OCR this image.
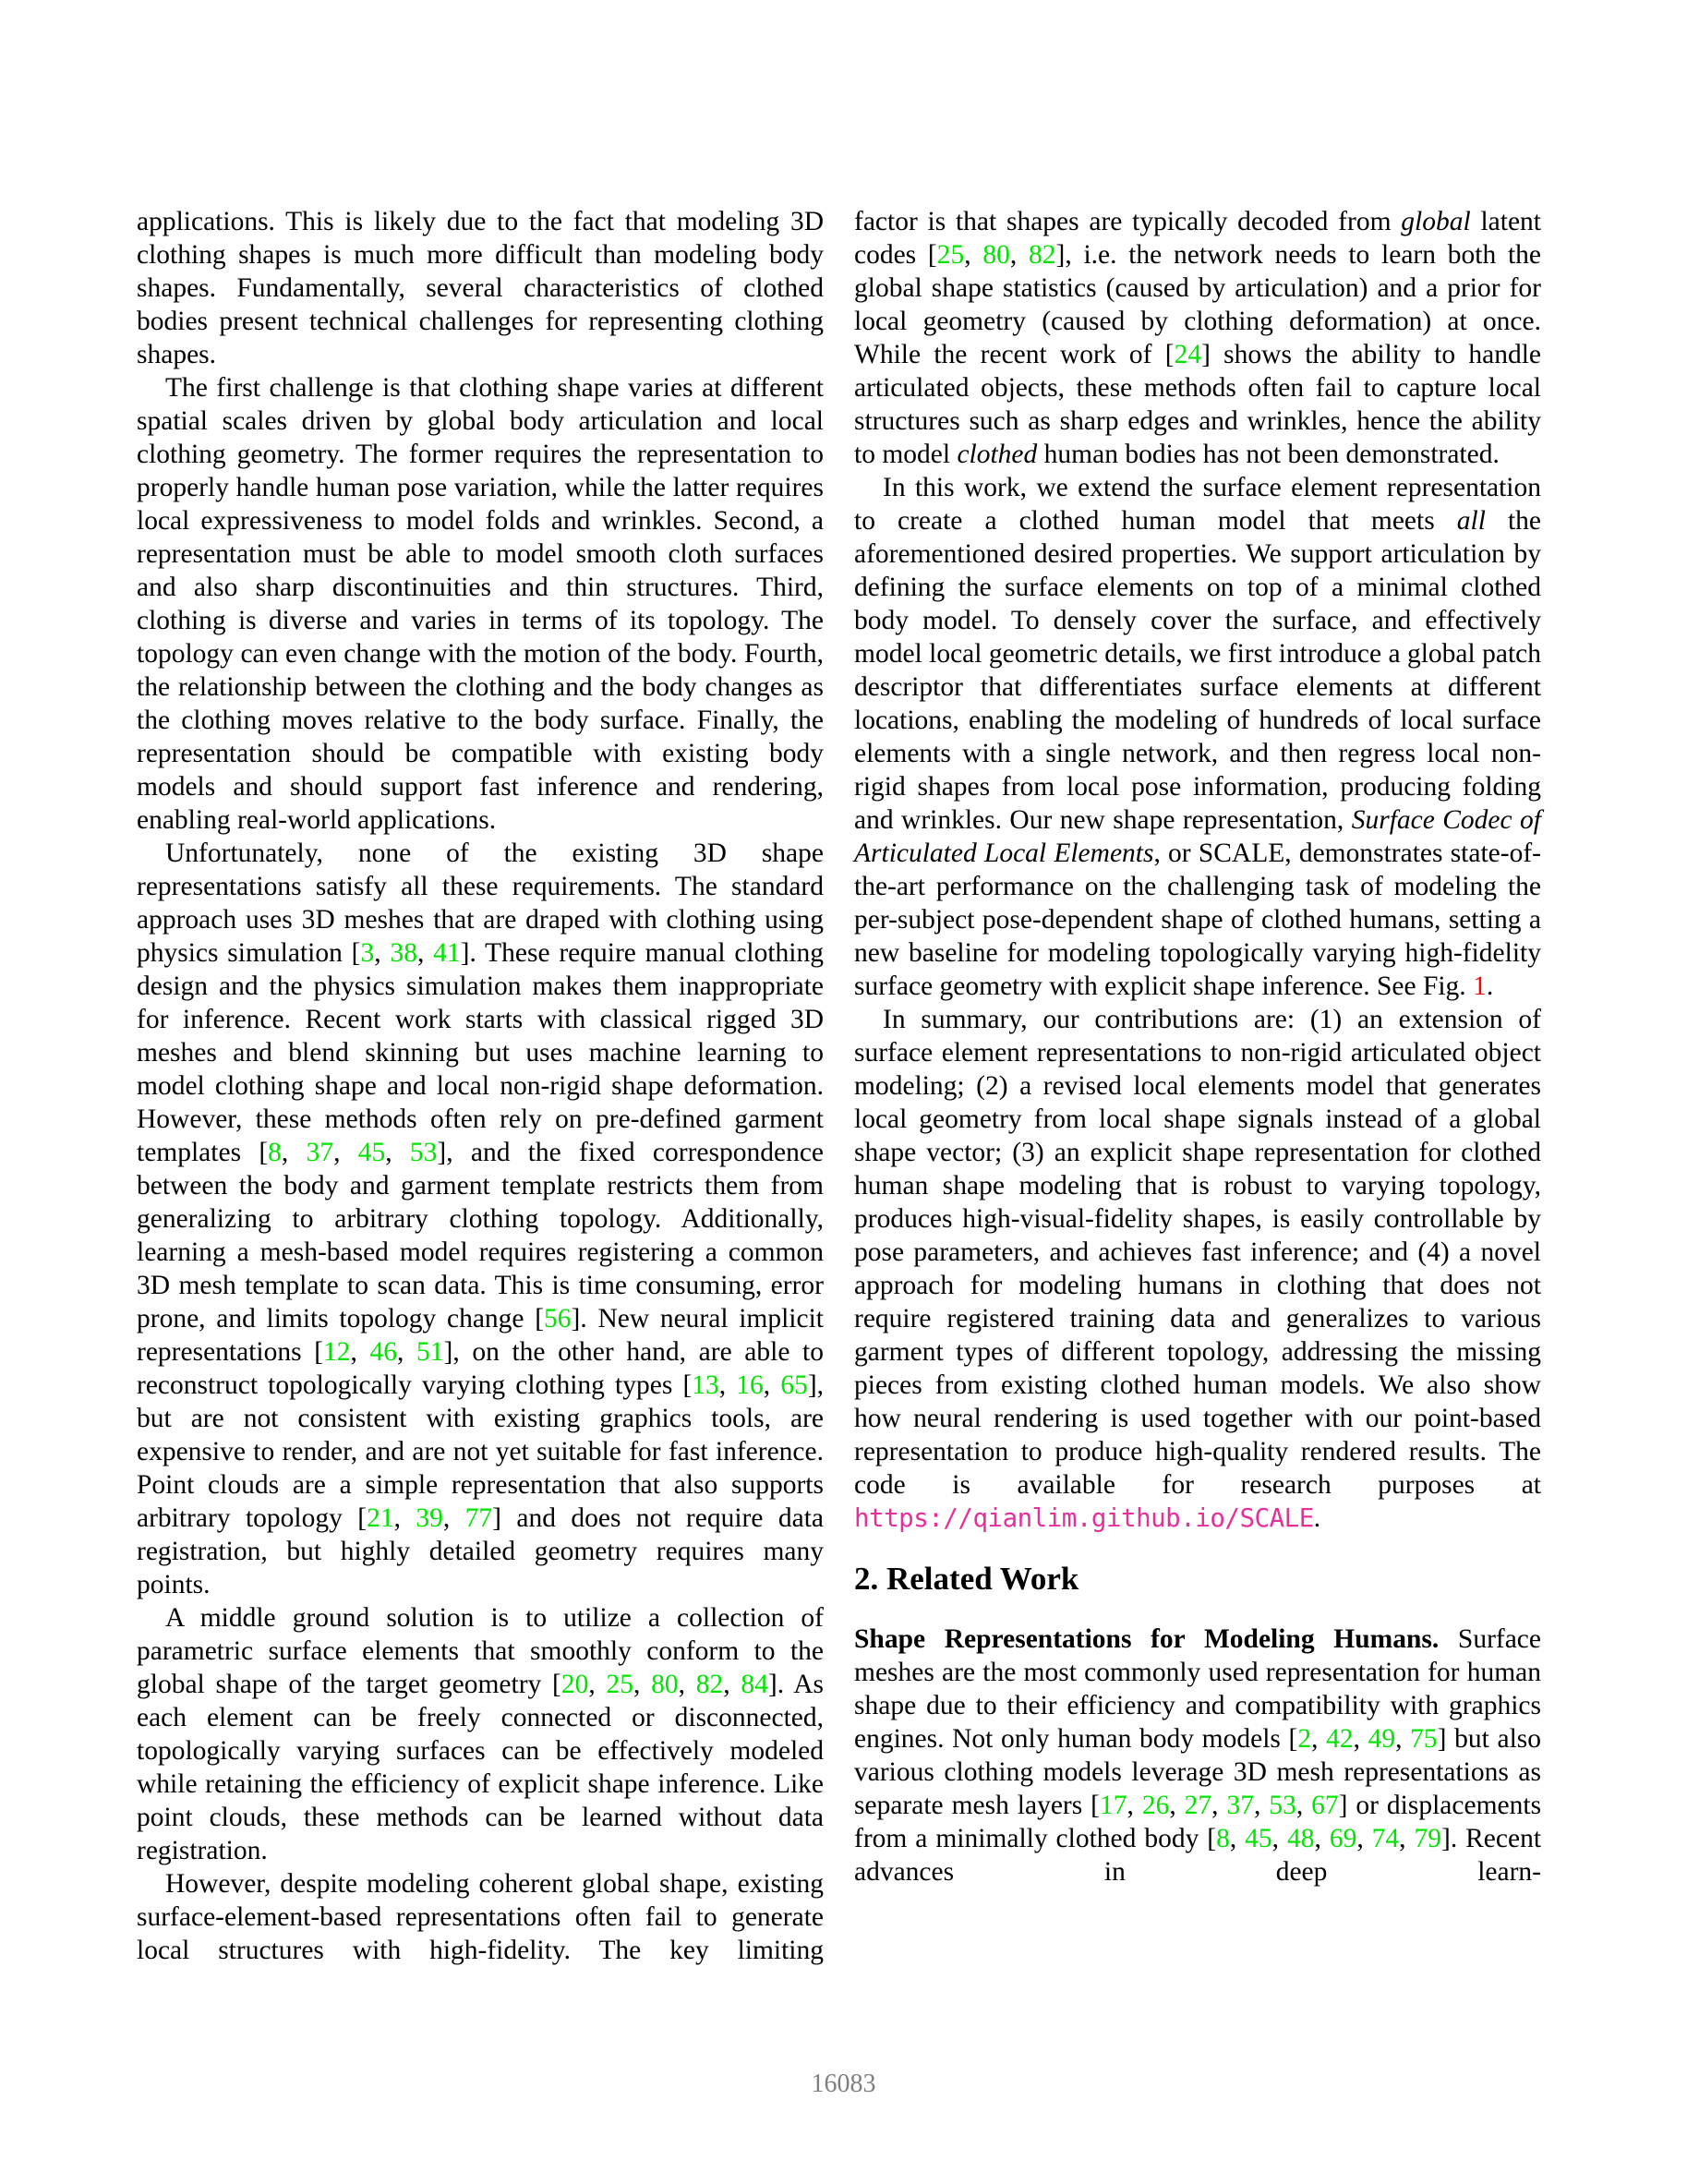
applications. This is likely due to the fact that modeling 3D clothing shapes is much more difficult than modeling body shapes. Fundamentally, several characteristics of clothed bodies present technical challenges for representing clothing shapes.

The first challenge is that clothing shape varies at different spatial scales driven by global body articulation and local clothing geometry. The former requires the representation to properly handle human pose variation, while the latter requires local expressiveness to model folds and wrinkles. Second, a representation must be able to model smooth cloth surfaces and also sharp discontinuities and thin structures. Third, clothing is diverse and varies in terms of its topology. The topology can even change with the motion of the body. Fourth, the relationship between the clothing and the body changes as the clothing moves relative to the body surface. Finally, the representation should be compatible with existing body models and should support fast inference and rendering, enabling real-world applications.

Unfortunately, none of the existing 3D shape representations satisfy all these requirements. The standard approach uses 3D meshes that are draped with clothing using physics simulation [3, 38, 41]. These require manual clothing design and the physics simulation makes them inappropriate for inference. Recent work starts with classical rigged 3D meshes and blend skinning but uses machine learning to model clothing shape and local non-rigid shape deformation. However, these methods often rely on pre-defined garment templates [8, 37, 45, 53], and the fixed correspondence between the body and garment template restricts them from generalizing to arbitrary clothing topology. Additionally, learning a mesh-based model requires registering a common 3D mesh template to scan data. This is time consuming, error prone, and limits topology change [56]. New neural implicit representations [12, 46, 51], on the other hand, are able to reconstruct topologically varying clothing types [13, 16, 65], but are not consistent with existing graphics tools, are expensive to render, and are not yet suitable for fast inference. Point clouds are a simple representation that also supports arbitrary topology [21, 39, 77] and does not require data registration, but highly detailed geometry requires many points.

A middle ground solution is to utilize a collection of parametric surface elements that smoothly conform to the global shape of the target geometry [20, 25, 80, 82, 84]. As each element can be freely connected or disconnected, topologically varying surfaces can be effectively modeled while retaining the efficiency of explicit shape inference. Like point clouds, these methods can be learned without data registration.

However, despite modeling coherent global shape, existing surface-element-based representations often fail to generate local structures with high-fidelity. The key limiting

factor is that shapes are typically decoded from global latent codes [25, 80, 82], i.e. the network needs to learn both the global shape statistics (caused by articulation) and a prior for local geometry (caused by clothing deformation) at once. While the recent work of [24] shows the ability to handle articulated objects, these methods often fail to capture local structures such as sharp edges and wrinkles, hence the ability to model clothed human bodies has not been demonstrated.

In this work, we extend the surface element representation to create a clothed human model that meets all the aforementioned desired properties. We support articulation by defining the surface elements on top of a minimal clothed body model. To densely cover the surface, and effectively model local geometric details, we first introduce a global patch descriptor that differentiates surface elements at different locations, enabling the modeling of hundreds of local surface elements with a single network, and then regress local non-rigid shapes from local pose information, producing folding and wrinkles. Our new shape representation, Surface Codec of Articulated Local Elements, or SCALE, demonstrates state-of-the-art performance on the challenging task of modeling the per-subject pose-dependent shape of clothed humans, setting a new baseline for modeling topologically varying high-fidelity surface geometry with explicit shape inference. See Fig. 1.

In summary, our contributions are: (1) an extension of surface element representations to non-rigid articulated object modeling; (2) a revised local elements model that generates local geometry from local shape signals instead of a global shape vector; (3) an explicit shape representation for clothed human shape modeling that is robust to varying topology, produces high-visual-fidelity shapes, is easily controllable by pose parameters, and achieves fast inference; and (4) a novel approach for modeling humans in clothing that does not require registered training data and generalizes to various garment types of different topology, addressing the missing pieces from existing clothed human models. We also show how neural rendering is used together with our point-based representation to produce high-quality rendered results. The code is available for research purposes at https://qianlim.github.io/SCALE.

2. Related Work

Shape Representations for Modeling Humans. Surface meshes are the most commonly used representation for human shape due to their efficiency and compatibility with graphics engines. Not only human body models [2, 42, 49, 75] but also various clothing models leverage 3D mesh representations as separate mesh layers [17, 26, 27, 37, 53, 67] or displacements from a minimally clothed body [8, 45, 48, 69, 74, 79]. Recent advances in deep learn-

16083
